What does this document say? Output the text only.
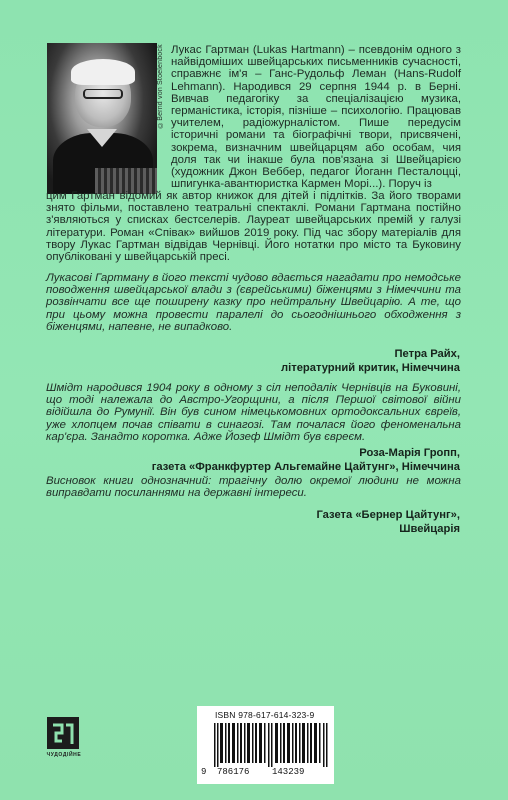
©Bernd von Stoelenbock Лукас Гартман (Lukas Hartmann) – псевдонім одного з найвідоміших швейцарських письменників сучасності, справжнє ім'я – Ганс-Рудольф Леман (Hans-Rudolf Lehmann). Народився 29 серпня 1944 р. в Берні. Вивчав педагогіку за спеціалізацією музика, германістика, історія, пізніше – психологію. Працював учителем, радіожурналістом. Пише передусім історичні романи та біографічні твори, присвячені, зокрема, визначним швейцарцям або особам, чия доля так чи інакше була пов'язана зі Швейцарією (художник Джон Веббер, педагог Йоганн Песталоцці, шпигунка-авантюристка Кармен Морі...). Поруч із

цим Гартман відомий як автор книжок для дітей і підлітків. За його творами знято фільми, поставлено театральні спектаклі. Романи Гартмана постійно з'являються у списках бестселерів. Лауреат швейцарських премій у галузі літератури. Роман «Співак» вийшов 2019 року. Під час збору матеріалів для твору Лукас Гартман відвідав Чернівці. Його нотатки про місто та Буковину опубліковані у швейцарській пресі.

Лукасові Гартману в його тексті чудово вдається нагадати про немодське поводження швейцарської влади з (єврейськими) біженцями з Німеччини та розвінчати все ще поширену казку про нейтральну Швейцарію. А те, що при цьому можна провести паралелі до сьогоднішнього обходження з біженцями, напевне, не випадково.

Петра Райх,
літературний критик, Німеччина

Шмідт народився 1904 року в одному з сіл неподалік Чернівців на Буковині, що тоді належала до Австро-Угорщини, а після Першої світової війни відійшла до Румунії. Він був сином німецькомовних ортодоксальних євреїв, уже хлопцем почав співати в синагозі. Там почалася його феноменальна кар'єра. Занадто коротка. Адже Йозеф Шмідт був євреєм.

Роза-Марія Гропп,
газета «Франкфуртер Альгемайне Цайтунг», Німеччина

Висновок книги однозначний: трагічну долю окремої людини не можна виправдати посиланнями на державні інтереси.

Газета «Бернер Цайтунг»,
Швейцарія
ЧУДОДІЙНЕ
ISBN 978-617-614-323-9
9 786176	143239
